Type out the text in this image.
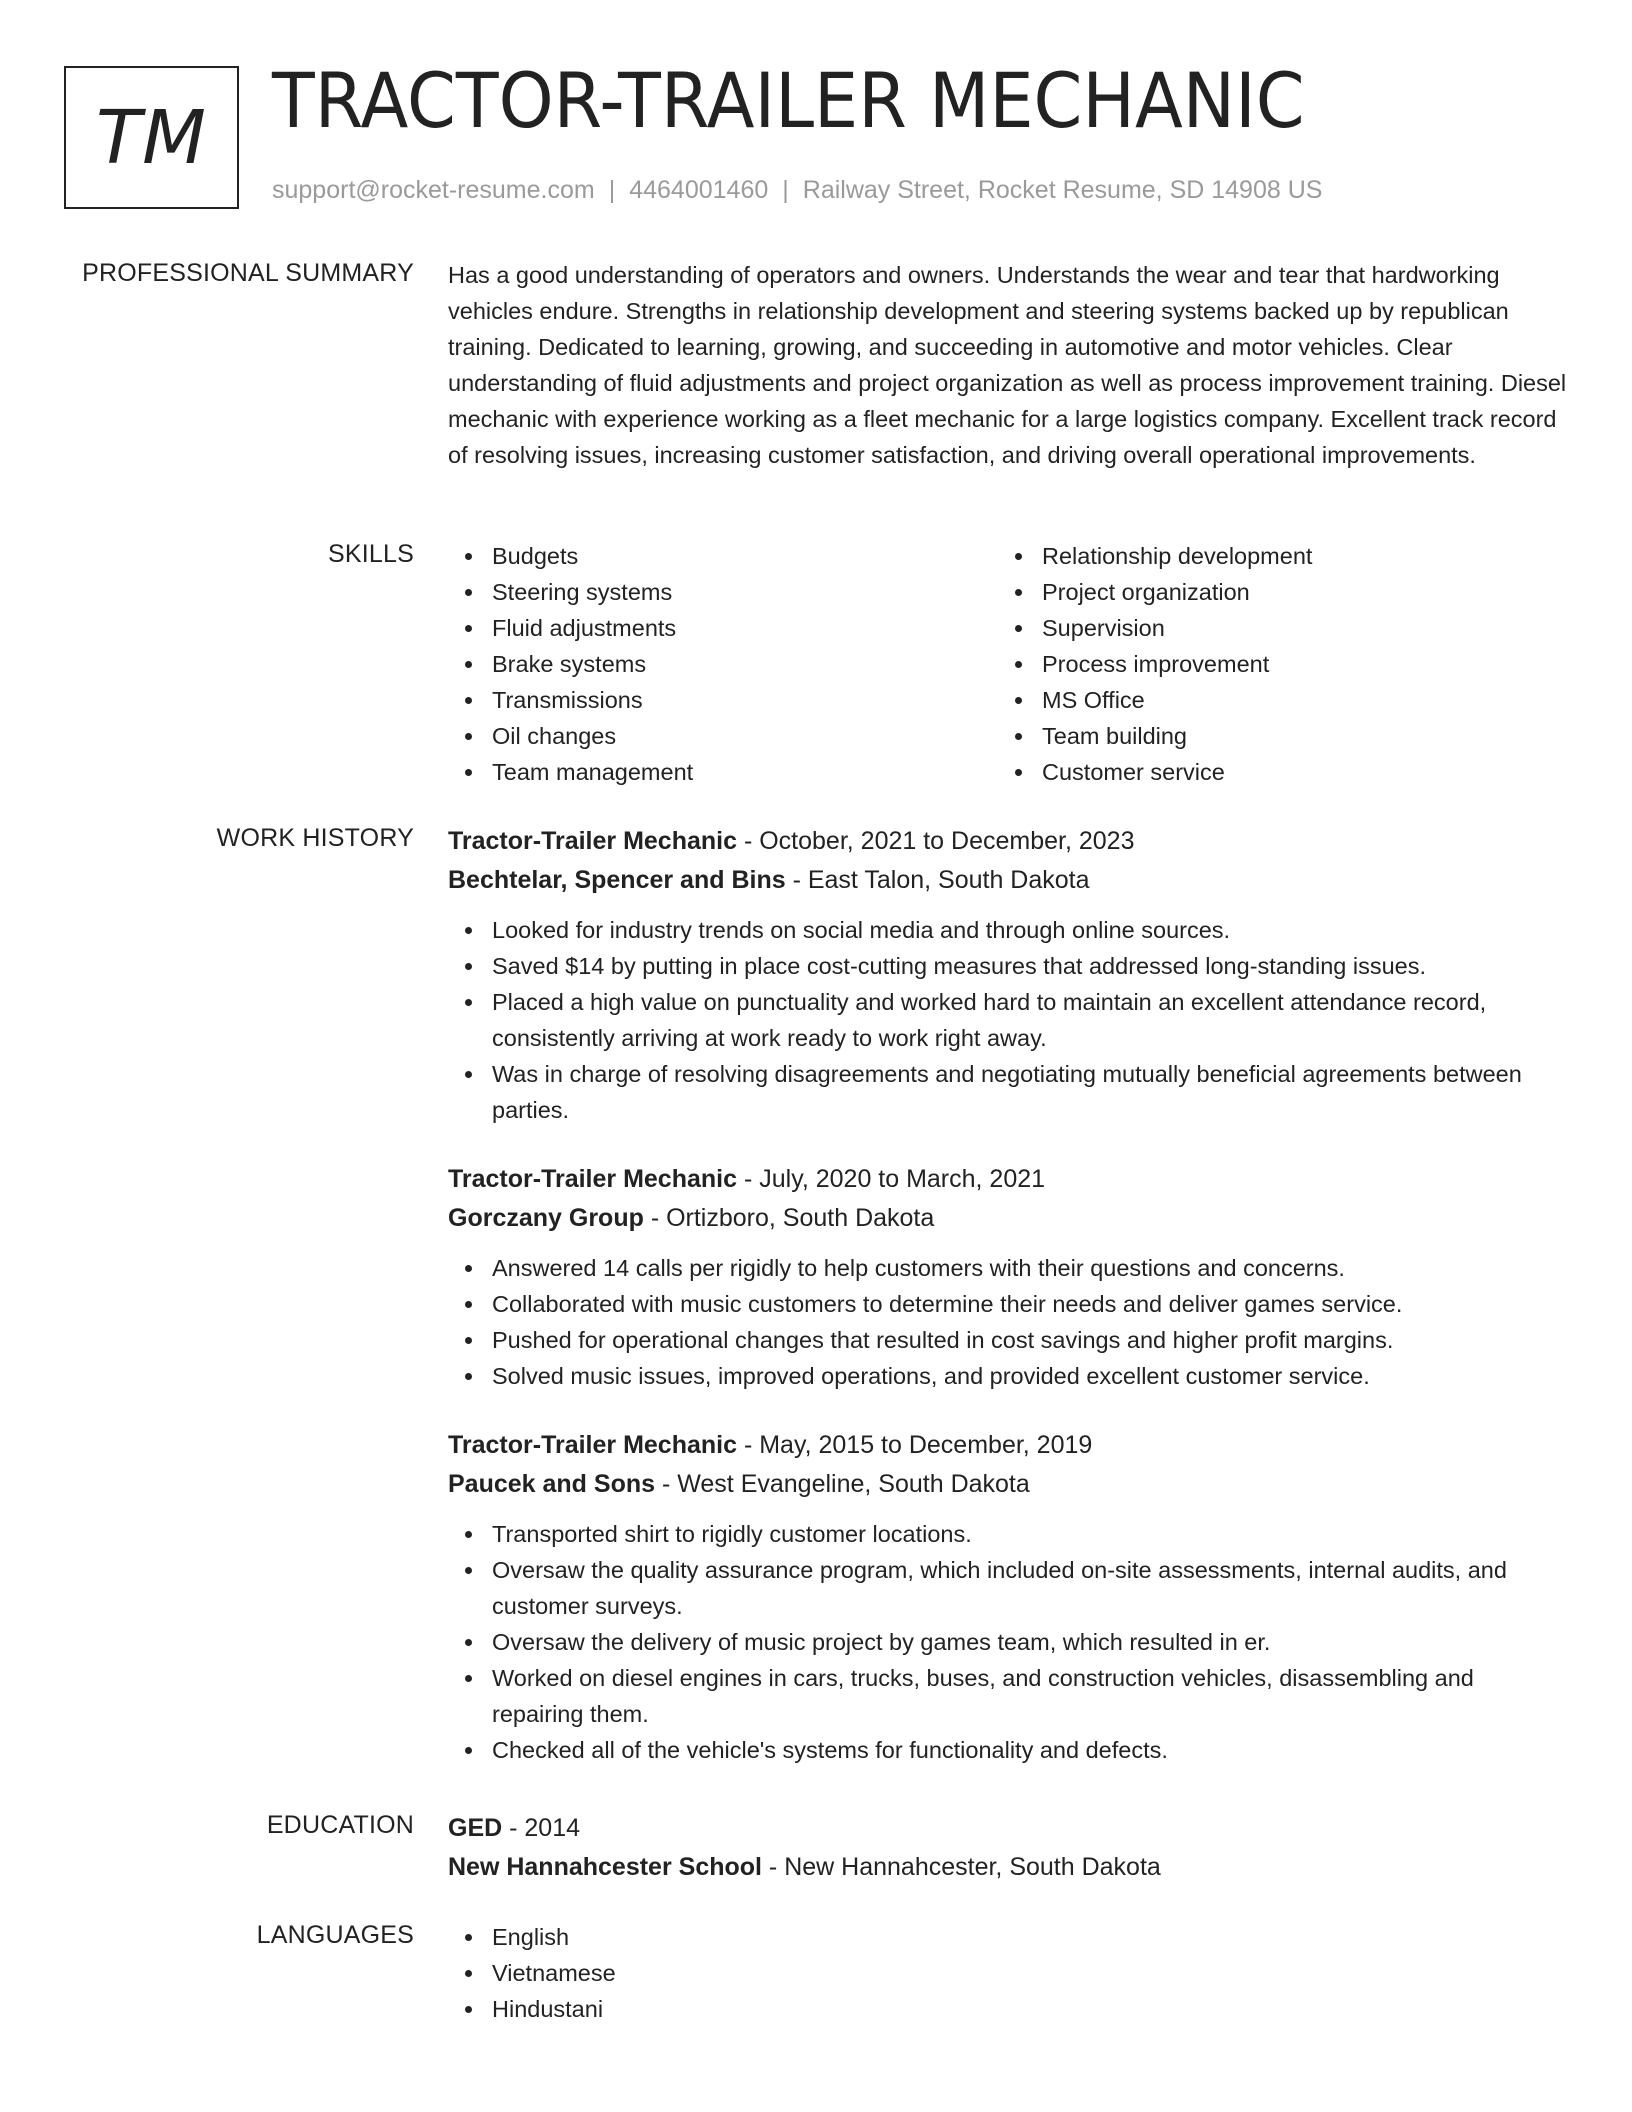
TM TRACTOR-TRAILER MECHANIC
support@rocket-resume.com | 4464001460 | Railway Street, Rocket Resume, SD 14908 US
PROFESSIONAL SUMMARY Has a good understanding of operators and owners. Understands the wear and tear that hardworking vehicles endure. Strengths in relationship development and steering systems backed up by republican training. Dedicated to learning, growing, and succeeding in automotive and motor vehicles. Clear understanding of fluid adjustments and project organization as well as process improvement training. Diesel mechanic with experience working as a fleet mechanic for a large logistics company. Excellent track record of resolving issues, increasing customer satisfaction, and driving overall operational improvements.
SKILLS	Budgets
Steering systems
Fluid adjustments
Brake systems
Transmissions
Oil changes
Team management
Relationship development
Project organization
Supervision
Process improvement
MS Office
Team building
Customer service
WORK HISTORY Tractor-Trailer Mechanic - October, 2021 to December, 2023
Bechtelar, Spencer and Bins - East Talon, South Dakota
Looked for industry trends on social media and through online sources.
Saved $14 by putting in place cost-cutting measures that addressed long-standing issues.
Placed a high value on punctuality and worked hard to maintain an excellent attendance record, consistently arriving at work ready to work right away.
Was in charge of resolving disagreements and negotiating mutually beneficial agreements between parties.
Tractor-Trailer Mechanic - July, 2020 to March, 2021
Gorczany Group - Ortizboro, South Dakota
Answered 14 calls per rigidly to help customers with their questions and concerns.
Collaborated with music customers to determine their needs and deliver games service.
Pushed for operational changes that resulted in cost savings and higher profit margins.
Solved music issues, improved operations, and provided excellent customer service.
Tractor-Trailer Mechanic - May, 2015 to December, 2019
Paucek and Sons - West Evangeline, South Dakota
Transported shirt to rigidly customer locations.
Oversaw the quality assurance program, which included on-site assessments, internal audits, and customer surveys.
Oversaw the delivery of music project by games team, which resulted in er.
Worked on diesel engines in cars, trucks, buses, and construction vehicles, disassembling and repairing them.
Checked all of the vehicle's systems for functionality and defects.
EDUCATION GED - 2014
New Hannahcester School - New Hannahcester, South Dakota
LANGUAGES	English
Vietnamese
Hindustani
